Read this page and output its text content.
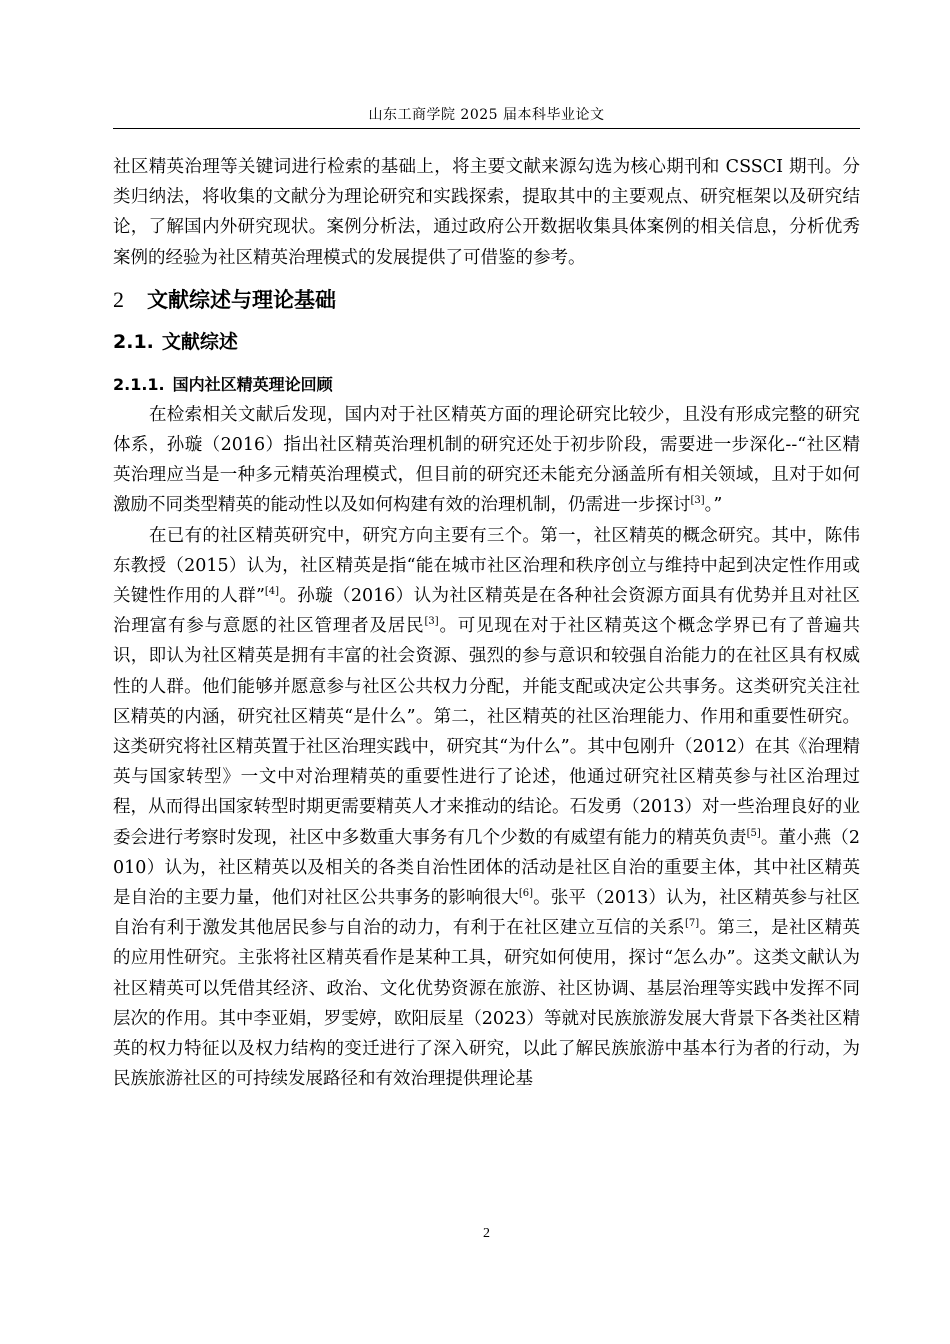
山东工商学院 2025 届本科毕业论文

社区精英治理等关键词进行检索的基础上，将主要文献来源勾选为核心期刊和 CSSCI 期刊。分类归纳法，将收集的文献分为理论研究和实践探索，提取其中的主要观点、研究框架以及研究结论，了解国内外研究现状。案例分析法，通过政府公开数据收集具体案例的相关信息，分析优秀案例的经验为社区精英治理模式的发展提供了可借鉴的参考。

2 文献综述与理论基础
2.1. 文献综述
2.1.1. 国内社区精英理论回顾

在检索相关文献后发现，国内对于社区精英方面的理论研究比较少，且没有形成完整的研究体系，孙璇（2016）指出社区精英治理机制的研究还处于初步阶段，需要进一步深化--“社区精英治理应当是一种多元精英治理模式，但目前的研究还未能充分涵盖所有相关领域，且对于如何激励不同类型精英的能动性以及如何构建有效的治理机制，仍需进一步探讨[3]。”

在已有的社区精英研究中，研究方向主要有三个。第一，社区精英的概念研究。其中，陈伟东教授（2015）认为，社区精英是指“能在城市社区治理和秩序创立与维持中起到决定性作用或关键性作用的人群”[4]。孙璇（2016）认为社区精英是在各种社会资源方面具有优势并且对社区治理富有参与意愿的社区管理者及居民[3]。可见现在对于社区精英这个概念学界已有了普遍共识，即认为社区精英是拥有丰富的社会资源、强烈的参与意识和较强自治能力的在社区具有权威性的人群。他们能够并愿意参与社区公共权力分配，并能支配或决定公共事务。这类研究关注社区精英的内涵，研究社区精英“是什么”。第二，社区精英的社区治理能力、作用和重要性研究。这类研究将社区精英置于社区治理实践中，研究其“为什么”。其中包刚升（2012）在其《治理精英与国家转型》一文中对治理精英的重要性进行了论述，他通过研究社区精英参与社区治理过程，从而得出国家转型时期更需要精英人才来推动的结论。石发勇（2013）对一些治理良好的业委会进行考察时发现，社区中多数重大事务有几个少数的有威望有能力的精英负责[5]。董小燕（2010）认为，社区精英以及相关的各类自治性团体的活动是社区自治的重要主体，其中社区精英是自治的主要力量，他们对社区公共事务的影响很大[6]。张平（2013）认为，社区精英参与社区自治有利于激发其他居民参与自治的动力，有利于在社区建立互信的关系[7]。第三，是社区精英的应用性研究。主张将社区精英看作是某种工具，研究如何使用，探讨“怎么办”。这类文献认为社区精英可以凭借其经济、政治、文化优势资源在旅游、社区协调、基层治理等实践中发挥不同层次的作用。其中李亚娟，罗雯婷，欧阳辰星（2023）等就对民族旅游发展大背景下各类社区精英的权力特征以及权力结构的变迁进行了深入研究，以此了解民族旅游中基本行为者的行动，为民族旅游社区的可持续发展路径和有效治理提供理论基

2
